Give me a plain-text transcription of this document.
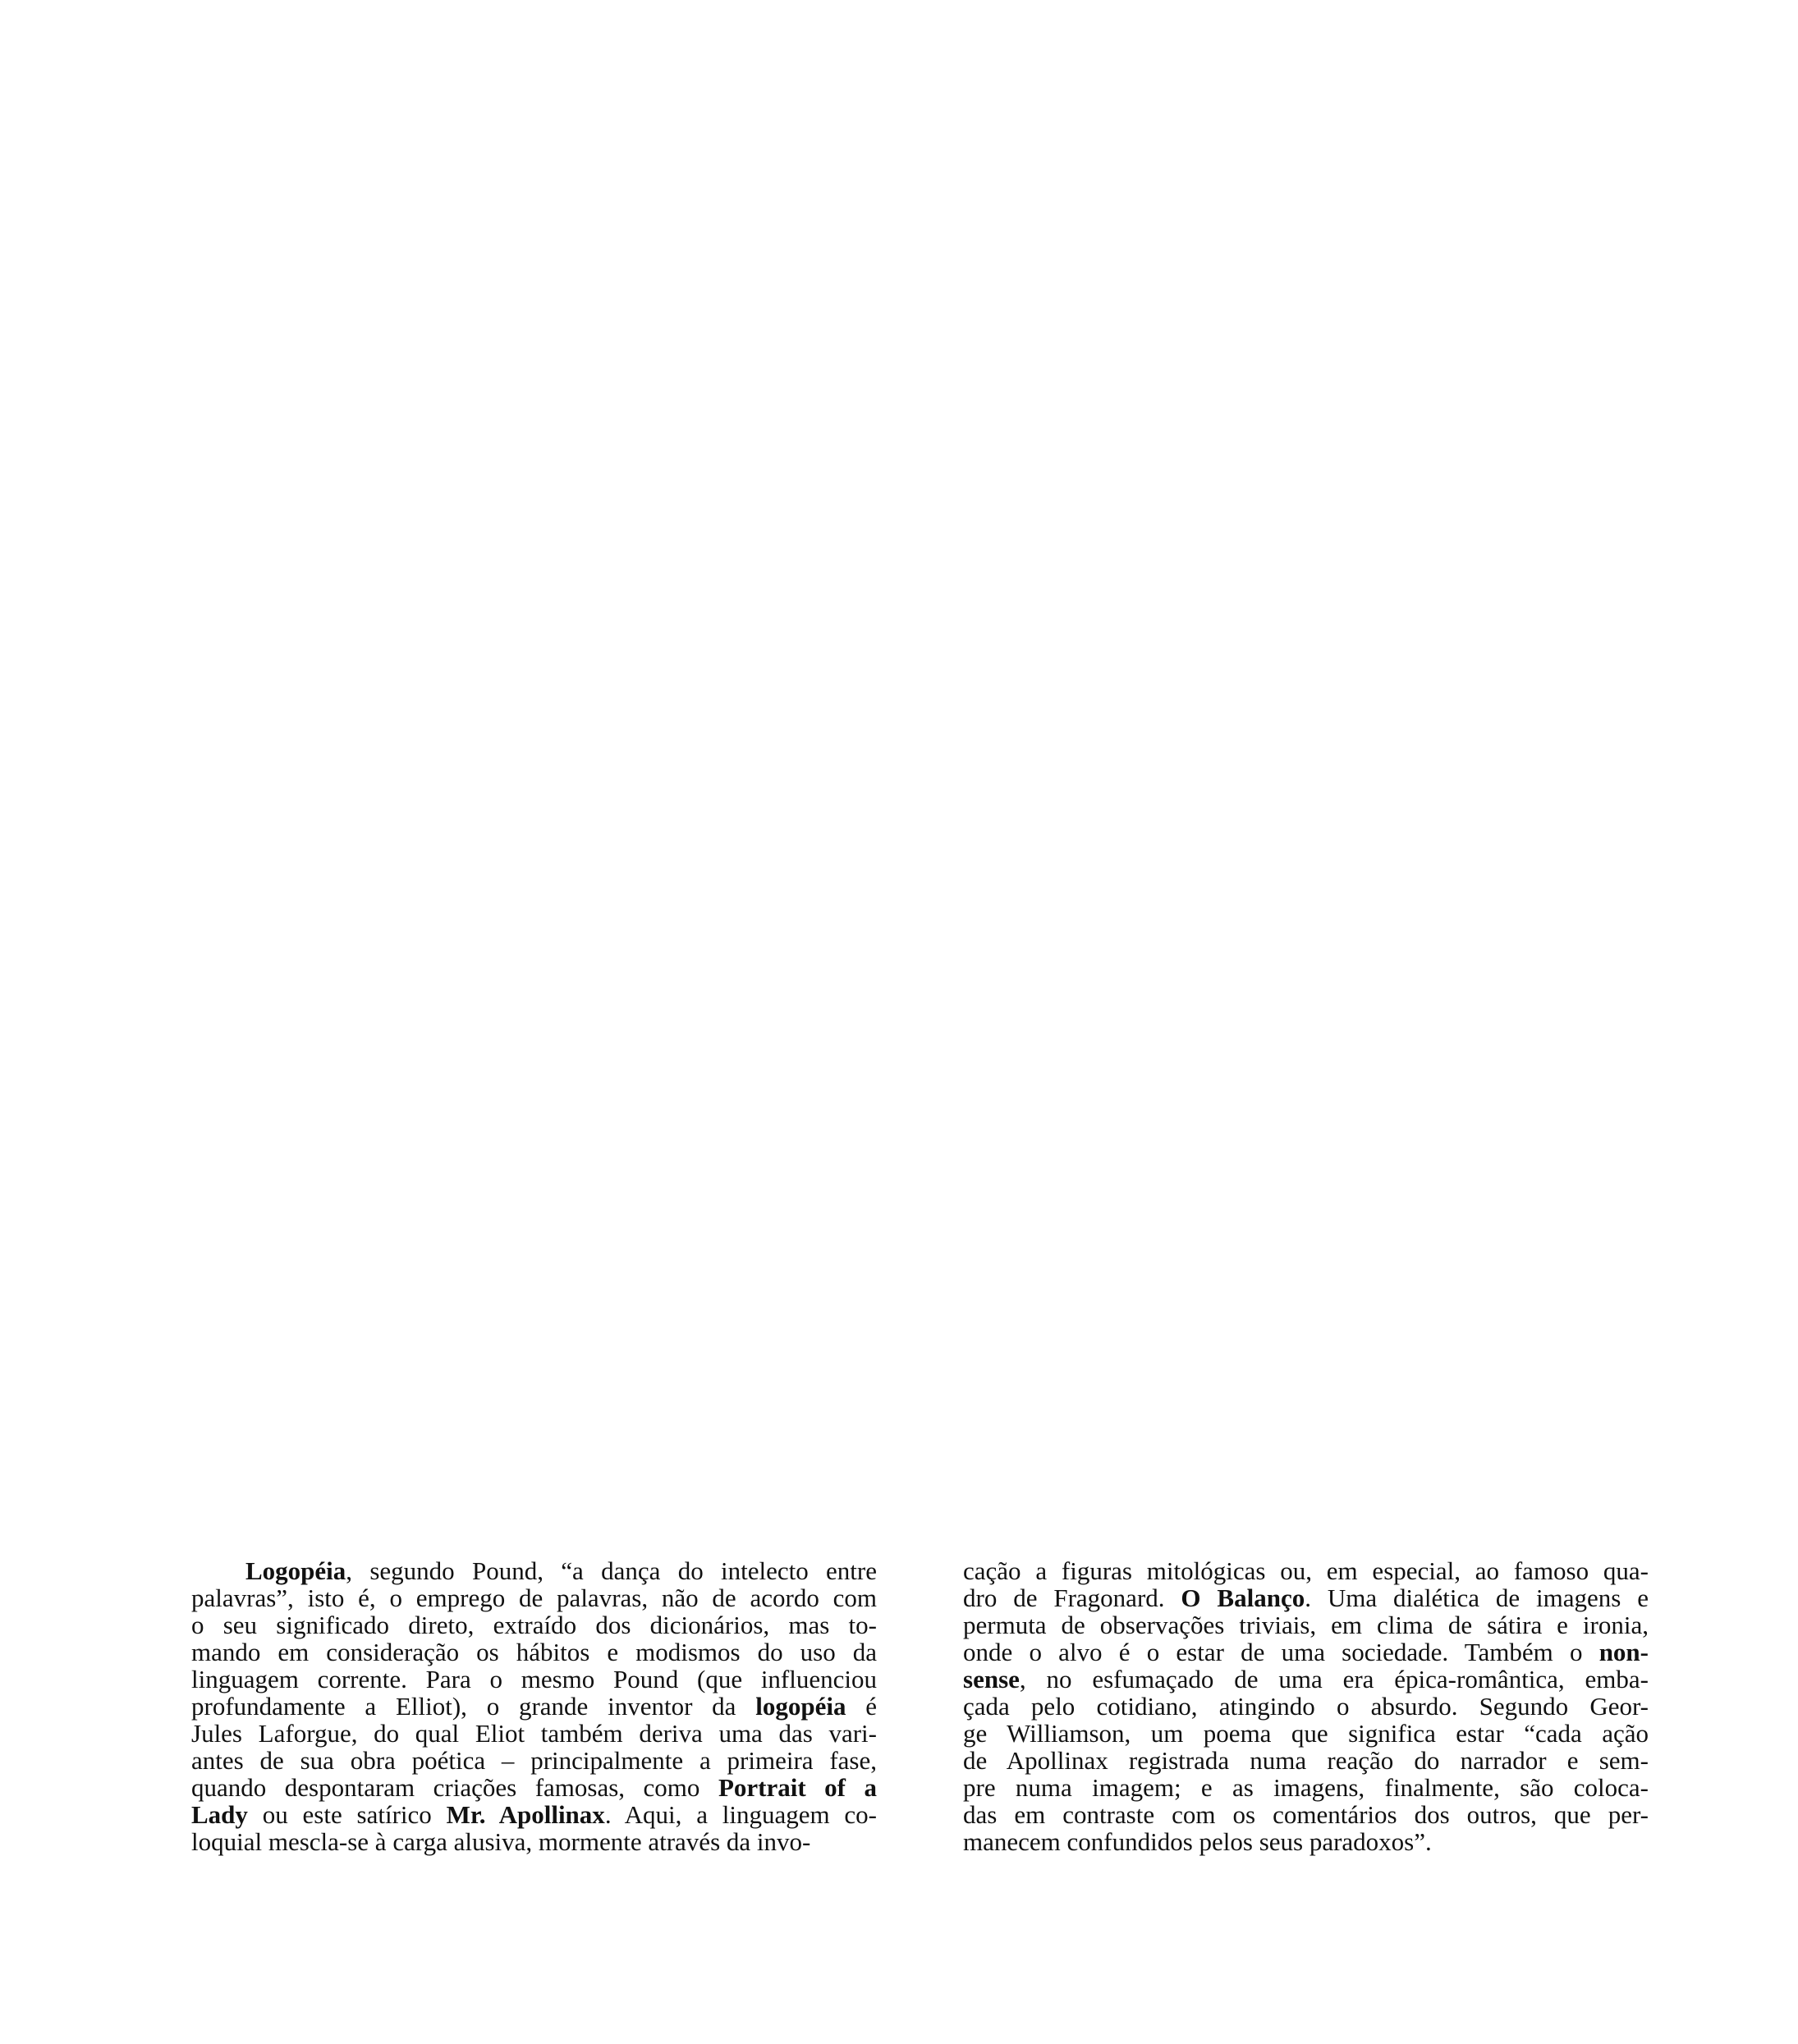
Logopéia, segundo Pound, “a dança do intelecto entre
palavras”, isto é, o emprego de palavras, não de acordo com
o seu significado direto, extraído dos dicionários, mas to-
mando em consideração os hábitos e modismos do uso da
linguagem corrente. Para o mesmo Pound (que influenciou
profundamente a Elliot), o grande inventor da logopéia é
Jules Laforgue, do qual Eliot também deriva uma das vari-
antes de sua obra poética – principalmente a primeira fase,
quando despontaram criações famosas, como Portrait of a
Lady ou este satírico Mr. Apollinax. Aqui, a linguagem co-
loquial mescla-se à carga alusiva, mormente através da invo-
cação a figuras mitológicas ou, em especial, ao famoso qua-
dro de Fragonard. O Balanço. Uma dialética de imagens e
permuta de observações triviais, em clima de sátira e ironia,
onde o alvo é o estar de uma sociedade. Também o non-
sense, no esfumaçado de uma era épica-romântica, emba-
çada pelo cotidiano, atingindo o absurdo. Segundo Geor-
ge Williamson, um poema que significa estar “cada ação
de Apollinax registrada numa reação do narrador e sem-
pre numa imagem; e as imagens, finalmente, são coloca-
das em contraste com os comentários dos outros, que per-
manecem confundidos pelos seus paradoxos”.
